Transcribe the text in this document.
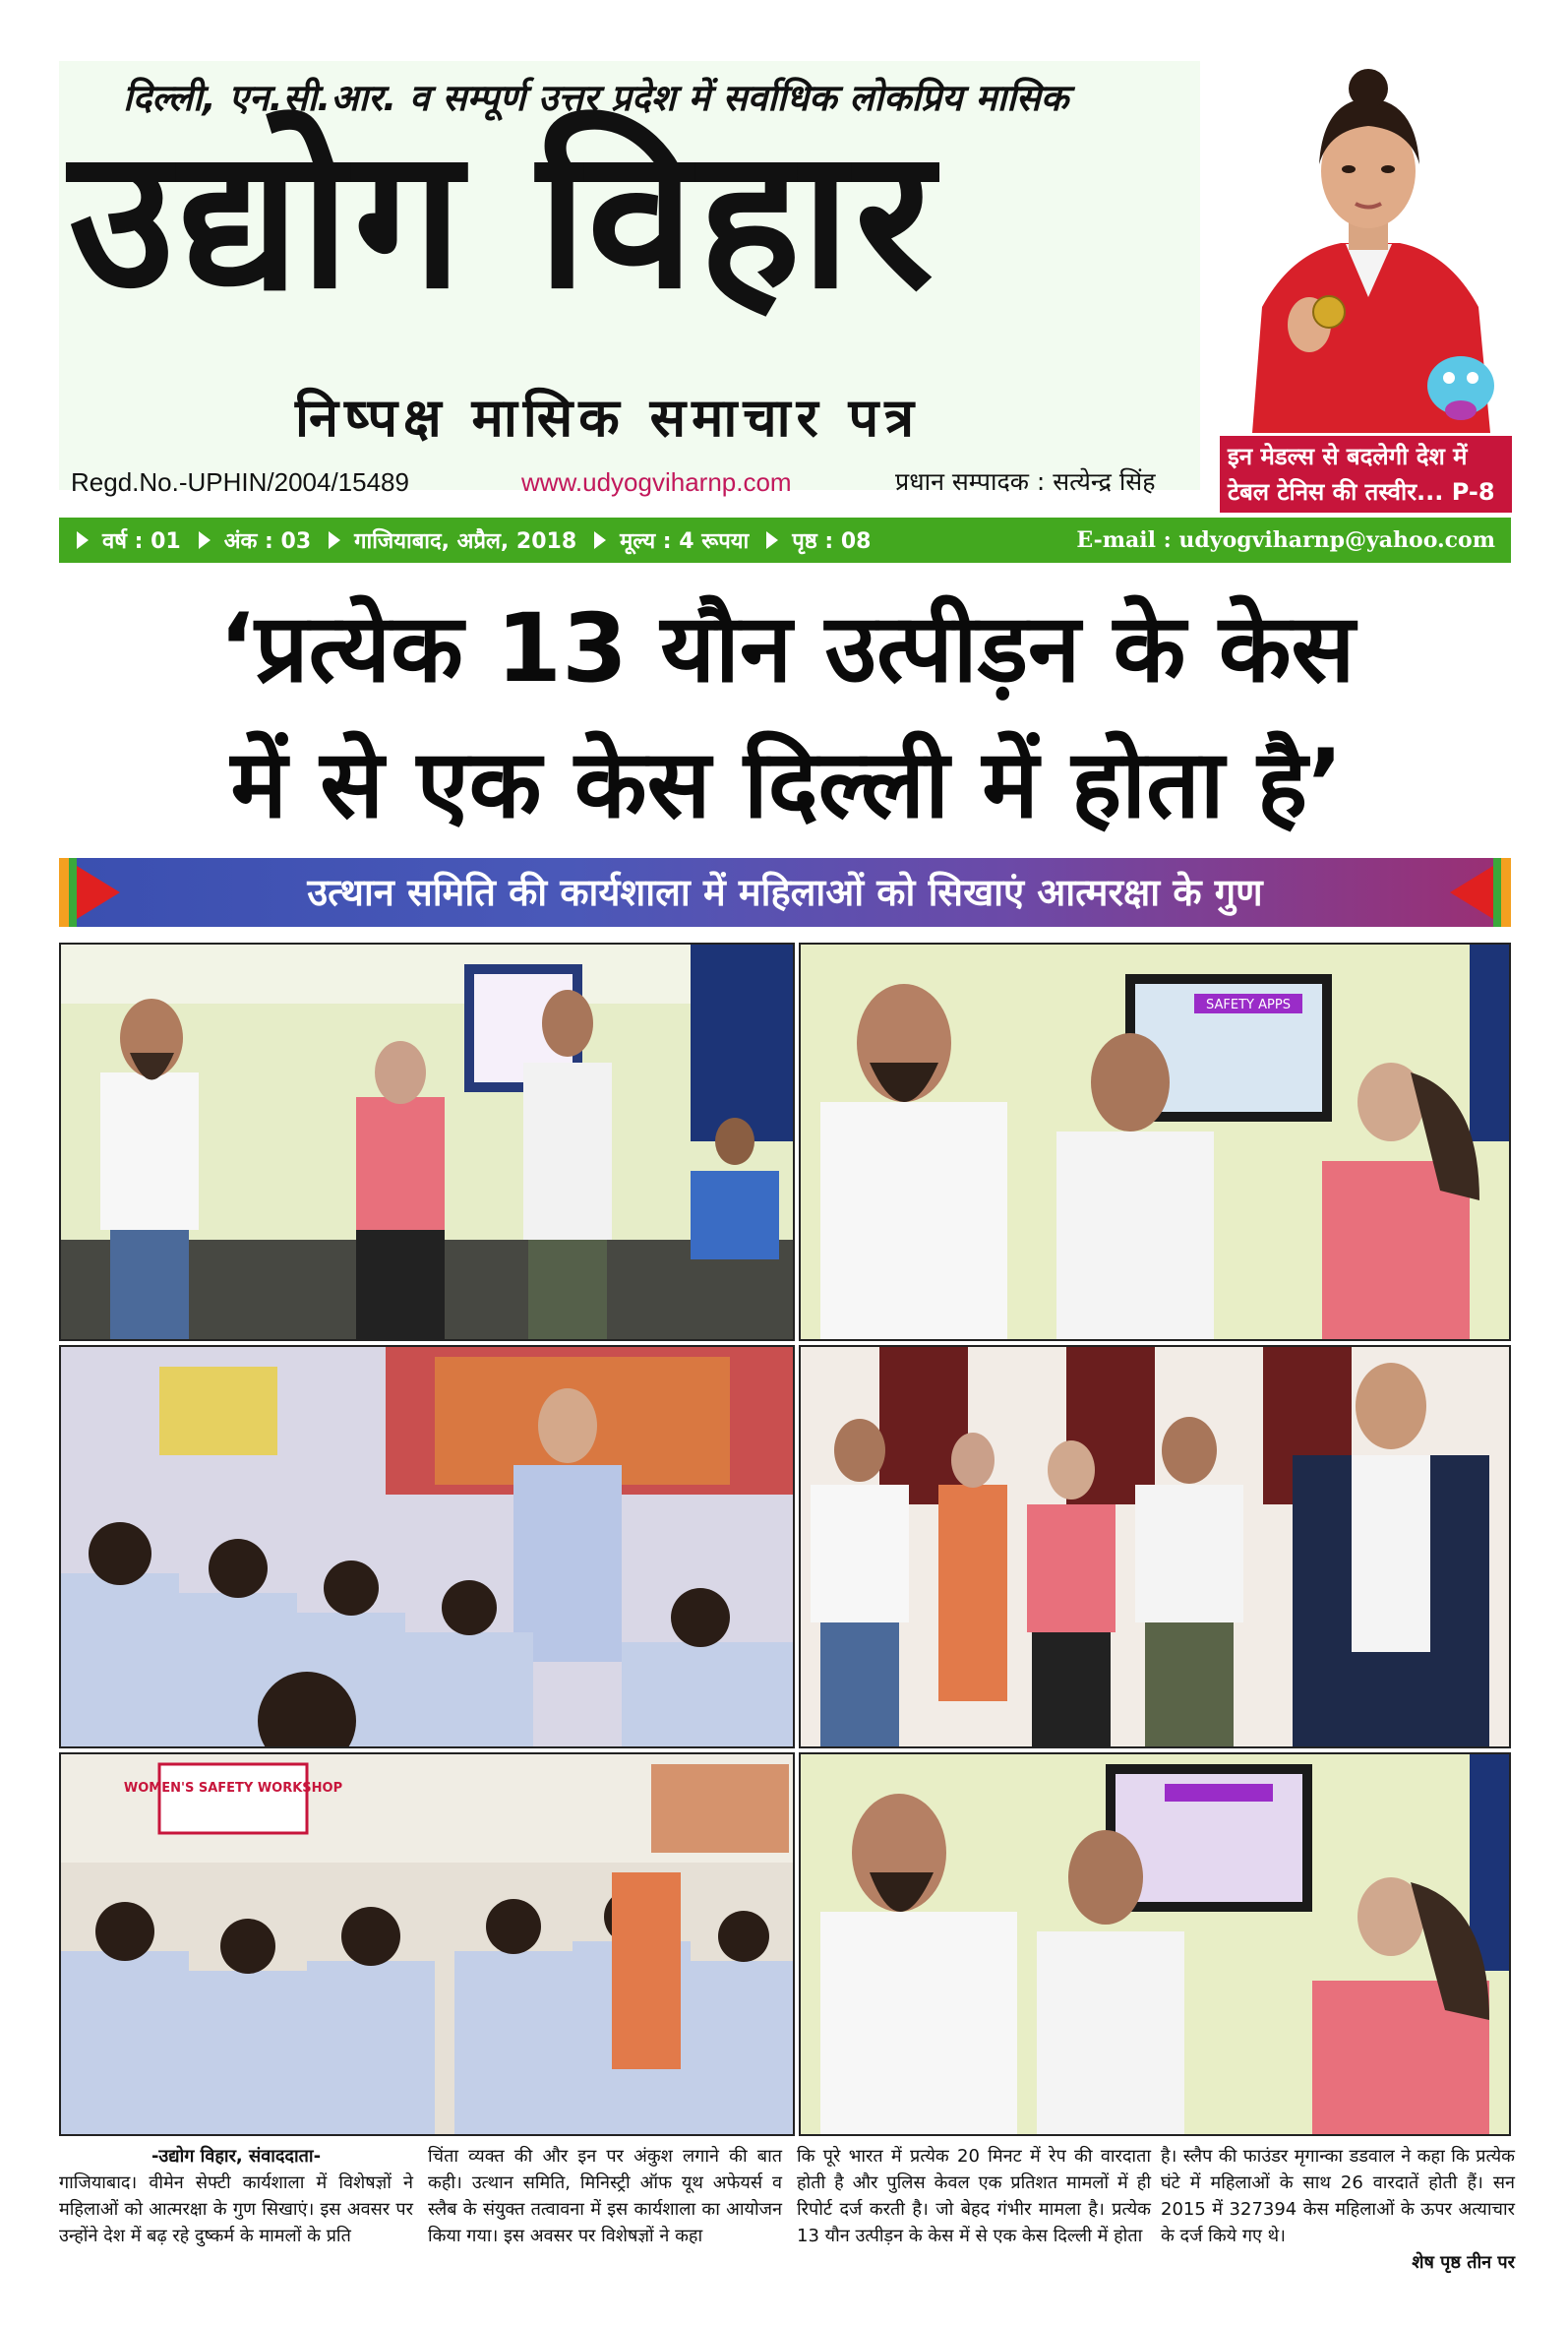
दिल्ली, एन.सी.आर. व सम्पूर्ण उत्तर प्रदेश में सर्वाधिक लोकप्रिय मासिक
उद्योग विहार
निष्पक्ष मासिक समाचार पत्र
Regd.No.-UPHIN/2004/15489	www.udyogviharnp.com	प्रधान सम्पादक : सत्येन्द्र सिंह
इन मेडल्स से बदलेगी देश में टेबल टेनिस की तस्वीर... P-8
वर्ष : 01 अंक : 03 गाजियाबाद, अप्रैल, 2018 मूल्य : 4 रूपया पृष्ठ : 08	E-mail : udyogviharnp@yahoo.com
‘प्रत्येक 13 यौन उत्पीड़न के केस
में से एक केस दिल्ली में होता है’
उत्थान समिति की कार्यशाला में महिलाओं को सिखाएं आत्मरक्षा के गुण
SAFETY APPS
WOMEN'S SAFETY WORKSHOP
-उद्योग विहार, संवाददाता-
गाजियाबाद। वीमेन सेफ्टी कार्यशाला में विशेषज्ञों ने महिलाओं को आत्मरक्षा के गुण सिखाएं। इस अवसर पर उन्होंने देश में बढ़ रहे दुष्कर्म के मामलों के प्रति
चिंता व्यक्त की और इन पर अंकुश लगाने की बात कही। उत्थान समिति, मिनिस्ट्री ऑफ यूथ अफेयर्स व स्लैब के संयुक्त तत्वावना में इस कार्यशाला का आयोजन किया गया। इस अवसर पर विशेषज्ञों ने कहा
कि पूरे भारत में प्रत्येक 20 मिनट में रेप की वारदाता होती है और पुलिस केवल एक प्रतिशत मामलों में ही रिपोर्ट दर्ज करती है। जो बेहद गंभीर मामला है। प्रत्येक 13 यौन उत्पीड़न के केस में से एक केस दिल्ली में होता
है। स्लैप की फाउंडर मृगान्का डडवाल ने कहा कि प्रत्येक घंटे में महिलाओं के साथ 26 वारदातें होती हैं। सन 2015 में 327394 केस महिलाओं के ऊपर अत्याचार के दर्ज किये गए थे।
शेष पृष्ठ तीन पर
